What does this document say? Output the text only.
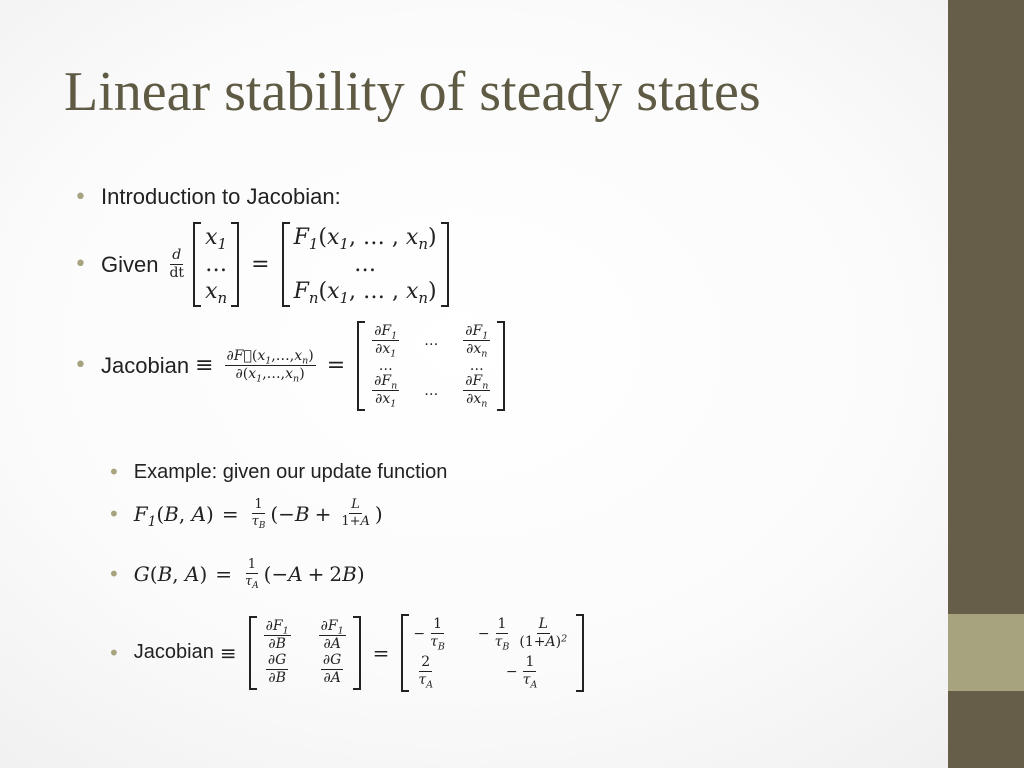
Linear stability of steady states
• Introduction to Jacobian:
• Given $\frac{d}{dt}$
$x_1$
…
$x_n$
=
$F_1(x_1$, … , $x_n$)
…
$F_n(x_1$, … , $x_n$)
• Jacobian ≡ $\frac{\partial F⃗(x_1,\dots,x_n)}{\partial(x_1,\dots,x_n)}$ =
$\frac{\partial F_1}{\partial x_1}$ … $\frac{\partial F_1}{\partial x_n}$
…	…
$\frac{\partial F_n}{\partial x_1}$ … $\frac{\partial F_n}{\partial x_n}$
• Example: given our update function
• $F_1(B$, $A) = \frac{1}{\tau_B}$ (− $B + \frac{L}{1+A}$ )
• G(B, $A) = \frac{1}{\tau_A}$ (− A + 2 B )
• Jacobian ≡ $\frac{\partial F_1}{\partial B} \frac{\partial F_1}{\partial A}$
$\frac{\partial G}{\partial B} \frac{\partial G}{\partial A}$ =
− $\frac{1}{\tau_B} - \frac{1}{\tau_B} \frac{L}{(1+A)^2}$
$\frac{2}{\tau_A}$	− $\frac{1}{\tau_A}$
